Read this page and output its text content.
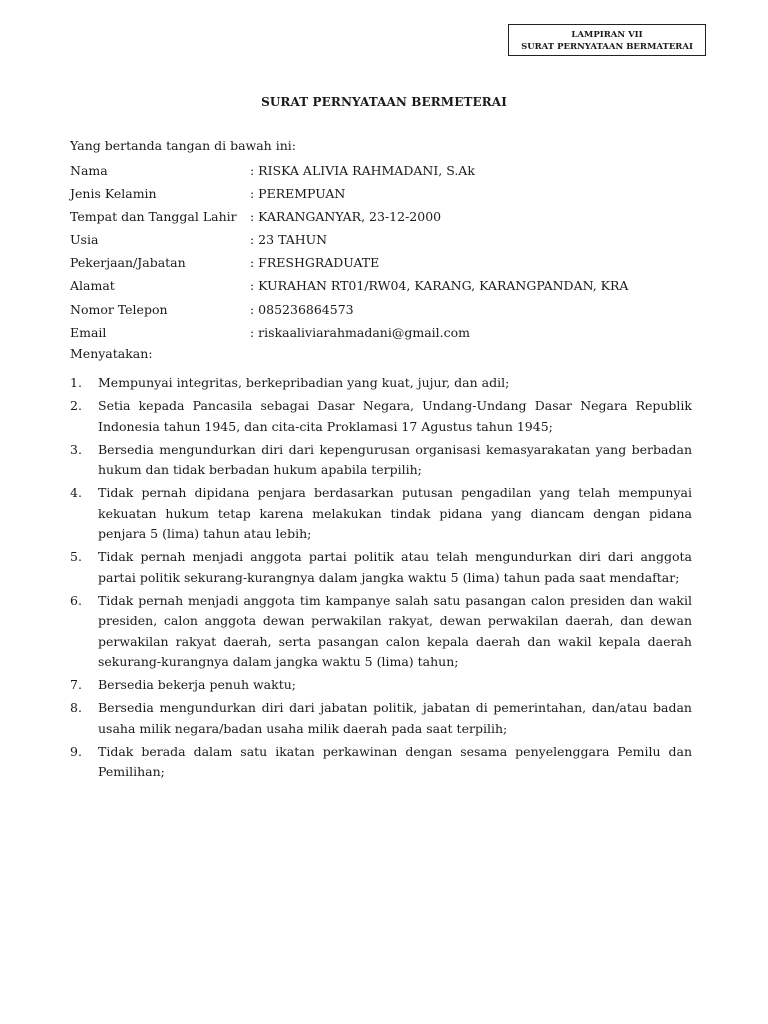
LAMPIRAN VII
SURAT PERNYATAAN BERMATERAI
SURAT PERNYATAAN BERMETERAI
Yang bertanda tangan di bawah ini:
Nama	: RISKA ALIVIA RAHMADANI, S.Ak
Jenis Kelamin	: PEREMPUAN
Tempat dan Tanggal Lahir : KARANGANYAR, 23-12-2000
Usia	: 23 TAHUN
Pekerjaan/Jabatan	: FRESHGRADUATE
Alamat	: KURAHAN RT01/RW04, KARANG, KARANGPANDAN, KRA
Nomor Telepon	: 085236864573
Email	: riskaaliviarahmadani@gmail.com
Menyatakan:
1. Mempunyai integritas, berkepribadian yang kuat, jujur, dan adil;
2. Setia kepada Pancasila sebagai Dasar Negara, Undang-Undang Dasar Negara Republik Indonesia tahun 1945, dan cita-cita Proklamasi 17 Agustus tahun 1945;
3. Bersedia mengundurkan diri dari kepengurusan organisasi kemasyarakatan yang berbadan hukum dan tidak berbadan hukum apabila terpilih;
4. Tidak pernah dipidana penjara berdasarkan putusan pengadilan yang telah mempunyai kekuatan hukum tetap karena melakukan tindak pidana yang diancam dengan pidana penjara 5 (lima) tahun atau lebih;
5. Tidak pernah menjadi anggota partai politik atau telah mengundurkan diri dari anggota partai politik sekurang-kurangnya dalam jangka waktu 5 (lima) tahun pada saat mendaftar;
6. Tidak pernah menjadi anggota tim kampanye salah satu pasangan calon presiden dan wakil presiden, calon anggota dewan perwakilan rakyat, dewan perwakilan daerah, dan dewan perwakilan rakyat daerah, serta pasangan calon kepala daerah dan wakil kepala daerah sekurang-kurangnya dalam jangka waktu 5 (lima) tahun;
7. Bersedia bekerja penuh waktu;
8. Bersedia mengundurkan diri dari jabatan politik, jabatan di pemerintahan, dan/atau badan usaha milik negara/badan usaha milik daerah pada saat terpilih;
9. Tidak berada dalam satu ikatan perkawinan dengan sesama penyelenggara Pemilu dan Pemilihan;
